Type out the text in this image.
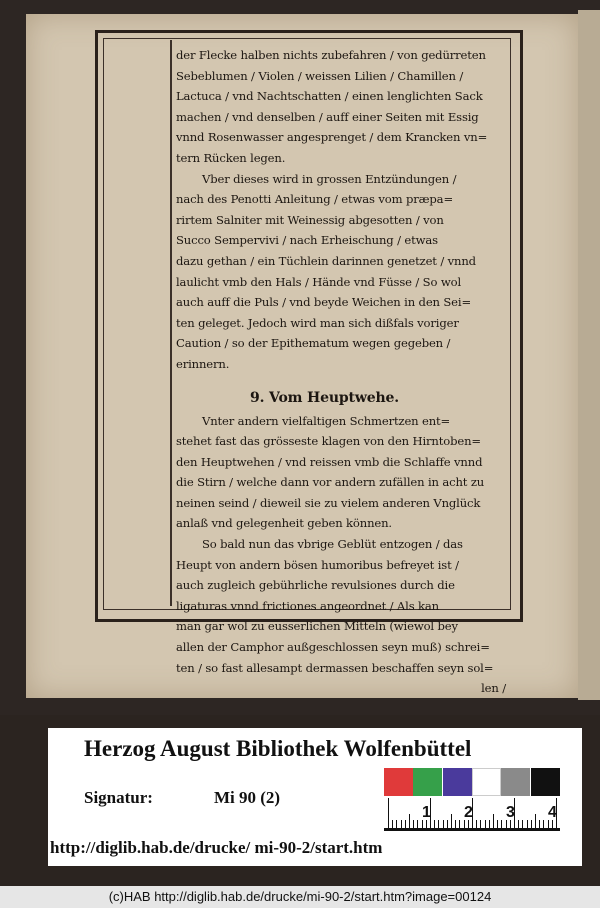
der Flecke halben nichts zubefahren / von gedürreten
Sebeblumen / Violen / weissen Lilien / Chamillen /
Lactuca / vnd Nachtschatten / einen lenglichten Sack
machen / vnd denselben / auff einer Seiten mit Essig
vnnd Rosenwasser angesprenget / dem Krancken vn=
tern Rücken legen.
Vber dieses wird in grossen Entzündungen /
nach des Penotti Anleitung / etwas vom præpa=
rirtem Salniter mit Weinessig abgesotten / von
Succo Sempervivi / nach Erheischung / etwas
dazu gethan / ein Tüchlein darinnen genetzet / vnnd
laulicht vmb den Hals / Hände vnd Füsse / So wol
auch auff die Puls / vnd beyde Weichen in den Sei=
ten geleget. Jedoch wird man sich dißfals voriger
Caution / so der Epithematum wegen gegeben /
erinnern.
9. Vom Heuptwehe.
Vnter andern vielfaltigen Schmertzen ent=
stehet fast das grösseste klagen von den Hirntoben=
den Heuptwehen / vnd reissen vmb die Schlaffe vnnd
die Stirn / welche dann vor andern zufällen in acht zu
neinen seind / dieweil sie zu vielem anderen Vnglück
anlaß vnd gelegenheit geben können.
So bald nun das vbrige Geblüt entzogen / das
Heupt von andern bösen humoribus befreyet ist /
auch zugleich gebührliche revulsiones durch die
ligaturas vnnd frictiones angeordnet / Als kan
man gar wol zu eusserlichen Mitteln (wiewol bey
allen der Camphor außgeschlossen seyn muß) schrei=
ten / so fast allesampt dermassen beschaffen seyn sol=
len /
Herzog August Bibliothek Wolfenbüttel
Signatur:	Mi 90 (2)
1 2 3 4
http://diglib.hab.de/drucke/ mi-90-2/start.htm
(c)HAB http://diglib.hab.de/drucke/mi-90-2/start.htm?image=00124
